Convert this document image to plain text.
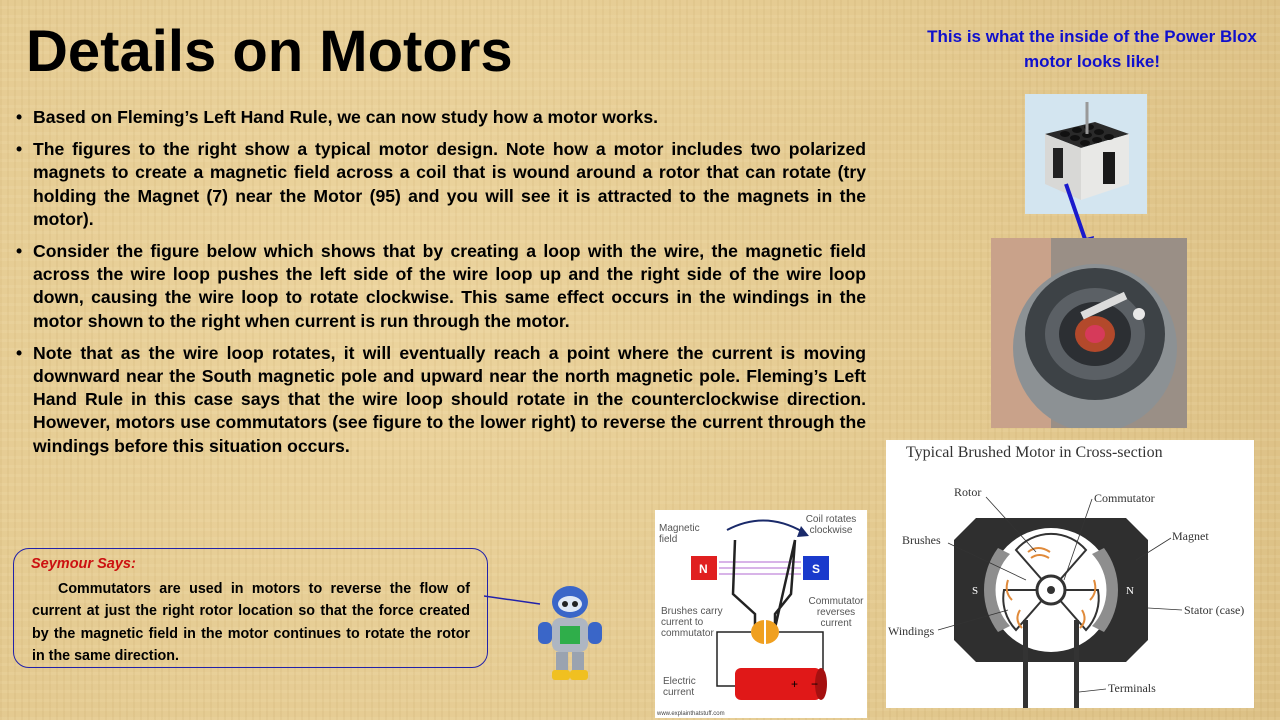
Details on Motors
• Based on Fleming’s Left Hand Rule, we can now study how a motor works.
• The figures to the right show a typical motor design. Note how a motor includes two polarized magnets to create a magnetic field across a coil that is wound around a rotor that can rotate (try holding the Magnet (7) near the Motor (95) and you will see it is attracted to the magnets in the motor).
• Consider the figure below which shows that by creating a loop with the wire, the magnetic field across the wire loop pushes the left side of the wire loop up and the right side of the wire loop down, causing the wire loop to rotate clockwise. This same effect occurs in the windings in the motor shown to the right when current is run through the motor.
• Note that as the wire loop rotates, it will eventually reach a point where the current is moving downward near the South magnetic pole and upward near the north magnetic pole. Fleming’s Left Hand Rule in this case says that the wire loop should rotate in the counterclockwise direction. However, motors use commutators (see figure to the lower right) to reverse the current through the windings before this situation occurs.

This is what the inside of the Power Blox motor looks like!

Typical Brushed Motor in Cross-section
S	N
Rotor	Commutator
Brushes	Magnet
Windings
Stator (case)
Terminals
N	S
+ −
Magnetic field
Coil rotates clockwise
Brushes carry current to commutator
Commutator reverses current
Electric current
www.explainthatstuff.com
Seymour Says:
Commutators are used in motors to reverse the flow of current at just the right rotor location so that the force created by the magnetic field in the motor continues to rotate the rotor in the same direction.
